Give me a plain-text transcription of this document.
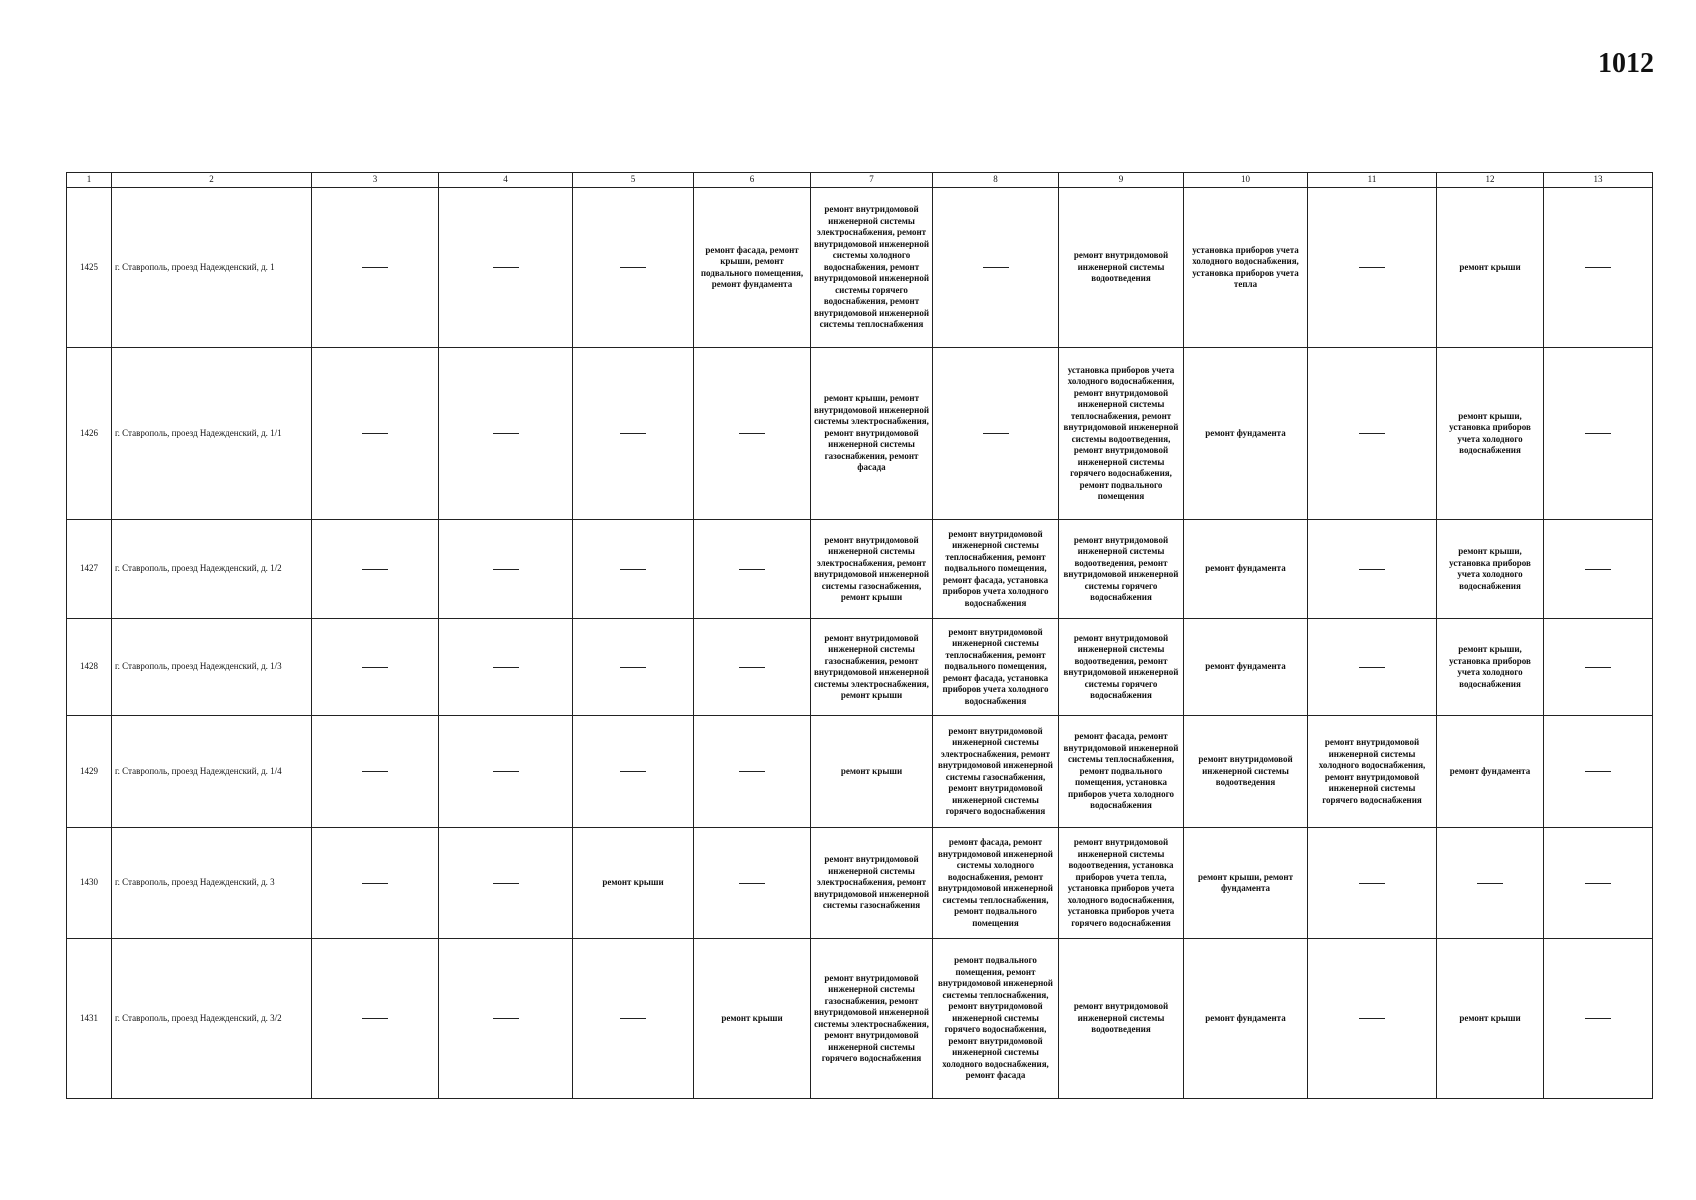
1012
1	2	3	4	5	6	7	8	9	10	11	12	13
1425	г. Ставрополь, проезд Надежденский, д. 1				ремонт фасада, ремонт крыши, ремонт подвального помещения, ремонт фундамента	ремонт внутридомовой инженерной системы электроснабжения, ремонт внутридомовой инженерной системы холодного водоснабжения, ремонт внутридомовой инженерной системы горячего водоснабжения, ремонт внутридомовой инженерной системы теплоснабжения		ремонт внутридомовой инженерной системы водоотведения	установка приборов учета холодного водоснабжения, установка приборов учета тепла		ремонт крыши	
1426	г. Ставрополь, проезд Надежденский, д. 1/1					ремонт крыши, ремонт внутридомовой инженерной системы электроснабжения, ремонт внутридомовой инженерной системы газоснабжения, ремонт фасада		установка приборов учета холодного водоснабжения, ремонт внутридомовой инженерной системы теплоснабжения, ремонт внутридомовой инженерной системы водоотведения, ремонт внутридомовой инженерной системы горячего водоснабжения, ремонт подвального помещения	ремонт фундамента		ремонт крыши, установка приборов учета холодного водоснабжения	
1427	г. Ставрополь, проезд Надежденский, д. 1/2					ремонт внутридомовой инженерной системы электроснабжения, ремонт внутридомовой инженерной системы газоснабжения, ремонт крыши	ремонт внутридомовой инженерной системы теплоснабжения, ремонт подвального помещения, ремонт фасада, установка приборов учета холодного водоснабжения	ремонт внутридомовой инженерной системы водоотведения, ремонт внутридомовой инженерной системы горячего водоснабжения	ремонт фундамента		ремонт крыши, установка приборов учета холодного водоснабжения	
1428	г. Ставрополь, проезд Надежденский, д. 1/3					ремонт внутридомовой инженерной системы газоснабжения, ремонт внутридомовой инженерной системы электроснабжения, ремонт крыши	ремонт внутридомовой инженерной системы теплоснабжения, ремонт подвального помещения, ремонт фасада, установка приборов учета холодного водоснабжения	ремонт внутридомовой инженерной системы водоотведения, ремонт внутридомовой инженерной системы горячего водоснабжения	ремонт фундамента		ремонт крыши, установка приборов учета холодного водоснабжения	
1429	г. Ставрополь, проезд Надежденский, д. 1/4					ремонт крыши	ремонт внутридомовой инженерной системы электроснабжения, ремонт внутридомовой инженерной системы газоснабжения, ремонт внутридомовой инженерной системы горячего водоснабжения	ремонт фасада, ремонт внутридомовой инженерной системы теплоснабжения, ремонт подвального помещения, установка приборов учета холодного водоснабжения	ремонт внутридомовой инженерной системы водоотведения	ремонт внутридомовой инженерной системы холодного водоснабжения, ремонт внутридомовой инженерной системы горячего водоснабжения	ремонт фундамента	
1430	г. Ставрополь, проезд Надежденский, д. 3			ремонт крыши		ремонт внутридомовой инженерной системы электроснабжения, ремонт внутридомовой инженерной системы газоснабжения	ремонт фасада, ремонт внутридомовой инженерной системы холодного водоснабжения, ремонт внутридомовой инженерной системы теплоснабжения, ремонт подвального помещения	ремонт внутридомовой инженерной системы водоотведения, установка приборов учета тепла, установка приборов учета холодного водоснабжения, установка приборов учета горячего водоснабжения	ремонт крыши, ремонт фундамента			
1431	г. Ставрополь, проезд Надежденский, д. 3/2				ремонт крыши	ремонт внутридомовой инженерной системы газоснабжения, ремонт внутридомовой инженерной системы электроснабжения, ремонт внутридомовой инженерной системы горячего водоснабжения	ремонт подвального помещения, ремонт внутридомовой инженерной системы теплоснабжения, ремонт внутридомовой инженерной системы горячего водоснабжения, ремонт внутридомовой инженерной системы холодного водоснабжения, ремонт фасада	ремонт внутридомовой инженерной системы водоотведения	ремонт фундамента		ремонт крыши	
